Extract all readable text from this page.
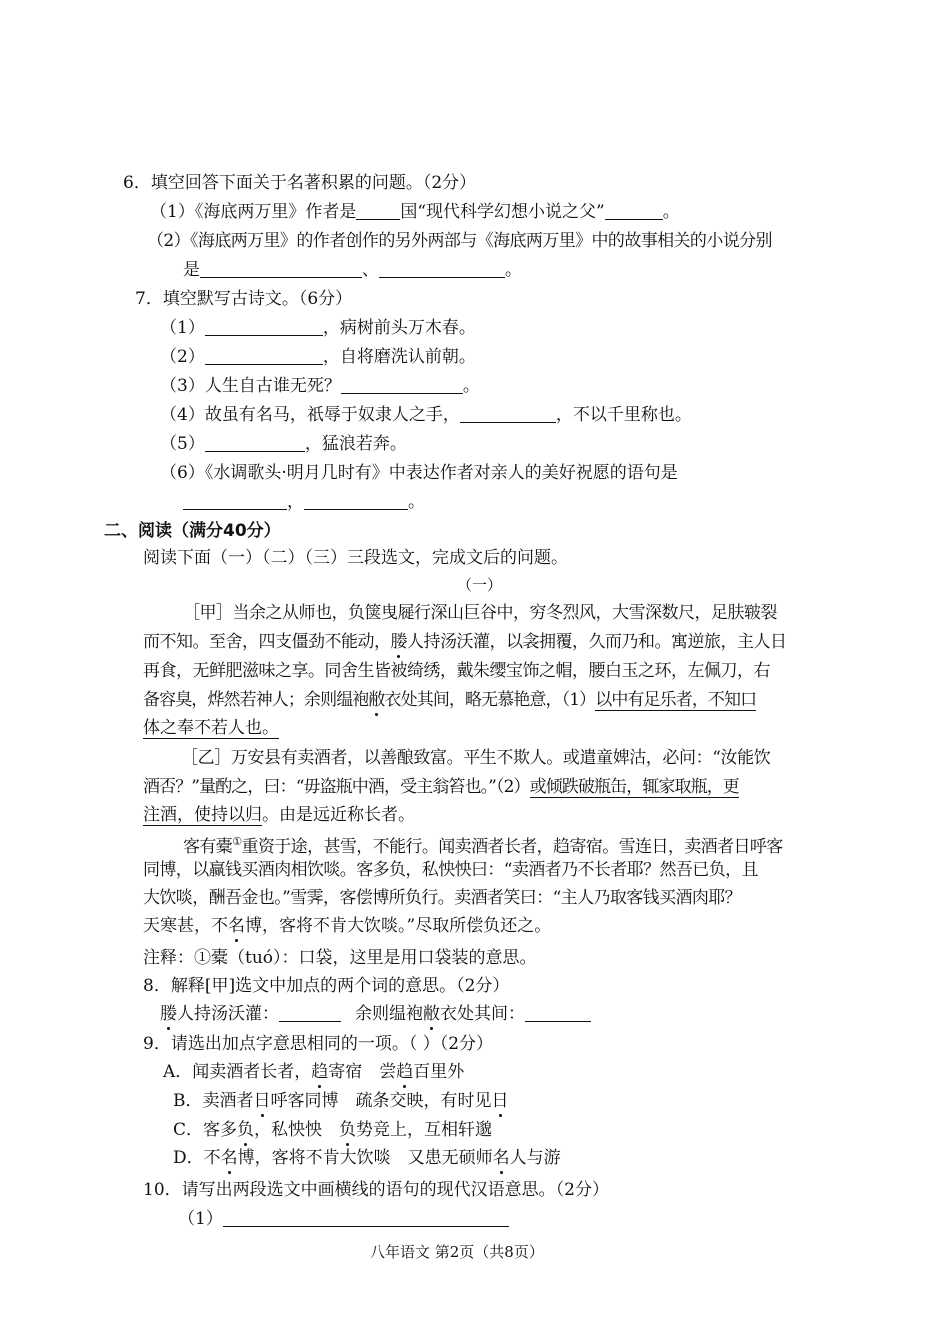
6．填空回答下面关于名著积累的问题。（2分）
（1）《海底两万里》作者是	国“现代科学幻想小说之父”	。
（2）《海底两万里》的作者创作的另外两部与《海底两万里》中的故事相关的小说分别
是	、	。
7．填空默写古诗文。（6分）
（1）	，病树前头万木春。
（2）	，自将磨洗认前朝。
（3）人生自古谁无死？	。
（4）故虽有名马，祇辱于奴隶人之手，	，不以千里称也。
（5）	，猛浪若奔。
（6）《水调歌头·明月几时有》中表达作者对亲人的美好祝愿的语句是
，	。
二、阅读（满分40分）
阅读下面（一）（二）（三）三段选文，完成文后的问题。
（一）
［甲］当余之从师也，负箧曳屣行深山巨谷中，穷冬烈风，大雪深数尺，足肤皲裂
而不知。至舍，四支僵劲不能动，媵人持汤沃灌，以衾拥覆，久而乃和。寓逆旅，主人日
再食，无鲜肥滋味之享。同舍生皆被绮绣，戴朱缨宝饰之帽，腰白玉之环，左佩刀，右
备容臭，烨然若神人；余则缊袍敝衣处其间，略无慕艳意，（1）以中有足乐者，不知口
体之奉不若人也。
［乙］万安县有卖酒者，以善酿致富。平生不欺人。或遣童婢沽，必问：“汝能饮
酒否？”量酌之，曰：“毋盗瓶中酒，受主翁笞也。”（2）或倾跌破瓶缶，辄家取瓶，更
注酒，使持以归。由是远近称长者。
客有橐①重资于途，甚雪，不能行。闻卖酒者长者，趋寄宿。雪连日，卖酒者日呼客
同博，以赢钱买酒肉相饮啖。客多负，私怏怏曰：“卖酒者乃不长者耶？然吾已负，且
大饮啖，酬吾金也。”雪霁，客偿博所负行。卖酒者笑曰：“主人乃取客钱买酒肉耶？
天寒甚，不名博，客将不肯大饮啖。”尽取所偿负还之。
注释：①橐（tuó）：口袋，这里是用口袋装的意思。
8．解释[甲]选文中加点的两个词的意思。（2分）
媵人持汤沃灌：	余则缊袍敝衣处其间：
9．请选出加点字意思相同的一项。（ ）（2分）
A．闻卖酒者长者，趋寄宿　尝趋百里外
B．卖酒者日呼客同博　疏条交映，有时见日
C．客多负，私怏怏　负势竞上，互相轩邈
D．不名博，客将不肯大饮啖　又患无硕师名人与游
10．请写出两段选文中画横线的语句的现代汉语意思。（2分）
（1）
八年语文 第2页（共8页）
